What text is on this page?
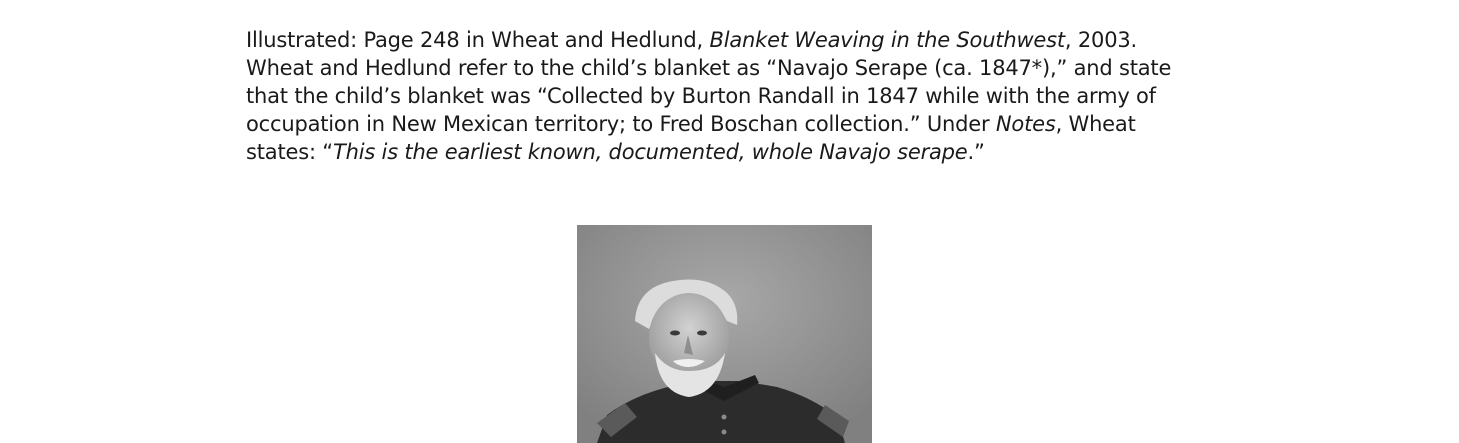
Illustrated: Page 248 in Wheat and Hedlund, Blanket Weaving in the Southwest, 2003.
Wheat and Hedlund refer to the child’s blanket as “Navajo Serape (ca. 1847*),” and state
that the child’s blanket was “Collected by Burton Randall in 1847 while with the army of
occupation in New Mexican territory; to Fred Boschan collection.” Under Notes, Wheat
states: “This is the earliest known, documented, whole Navajo serape.”
